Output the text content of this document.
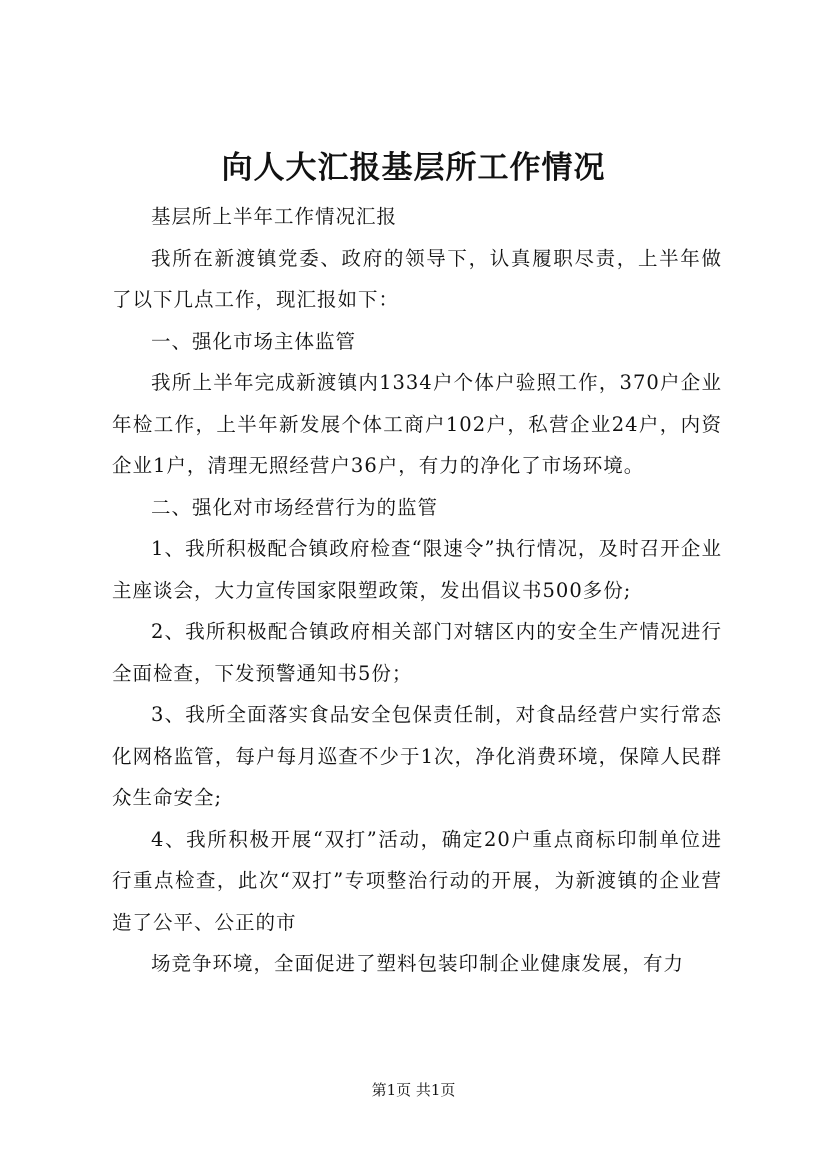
向人大汇报基层所工作情况

基层所上半年工作情况汇报

我所在新渡镇党委、政府的领导下，认真履职尽责，上半年做了以下几点工作，现汇报如下：

一、强化市场主体监管

我所上半年完成新渡镇内1334户个体户验照工作，370户企业年检工作，上半年新发展个体工商户102户，私营企业24户，内资企业1户，清理无照经营户36户，有力的净化了市场环境。

二、强化对市场经营行为的监管

1、我所积极配合镇政府检查“限速令”执行情况，及时召开企业主座谈会，大力宣传国家限塑政策，发出倡议书500多份;

2、我所积极配合镇政府相关部门对辖区内的安全生产情况进行全面检查，下发预警通知书5份；

3、我所全面落实食品安全包保责任制，对食品经营户实行常态化网格监管，每户每月巡查不少于1次，净化消费环境，保障人民群众生命安全;

4、我所积极开展“双打”活动，确定20户重点商标印制单位进行重点检查，此次“双打”专项整治行动的开展，为新渡镇的企业营造了公平、公正的市

场竞争环境，全面促进了塑料包装印制企业健康发展，有力

第1页 共1页
